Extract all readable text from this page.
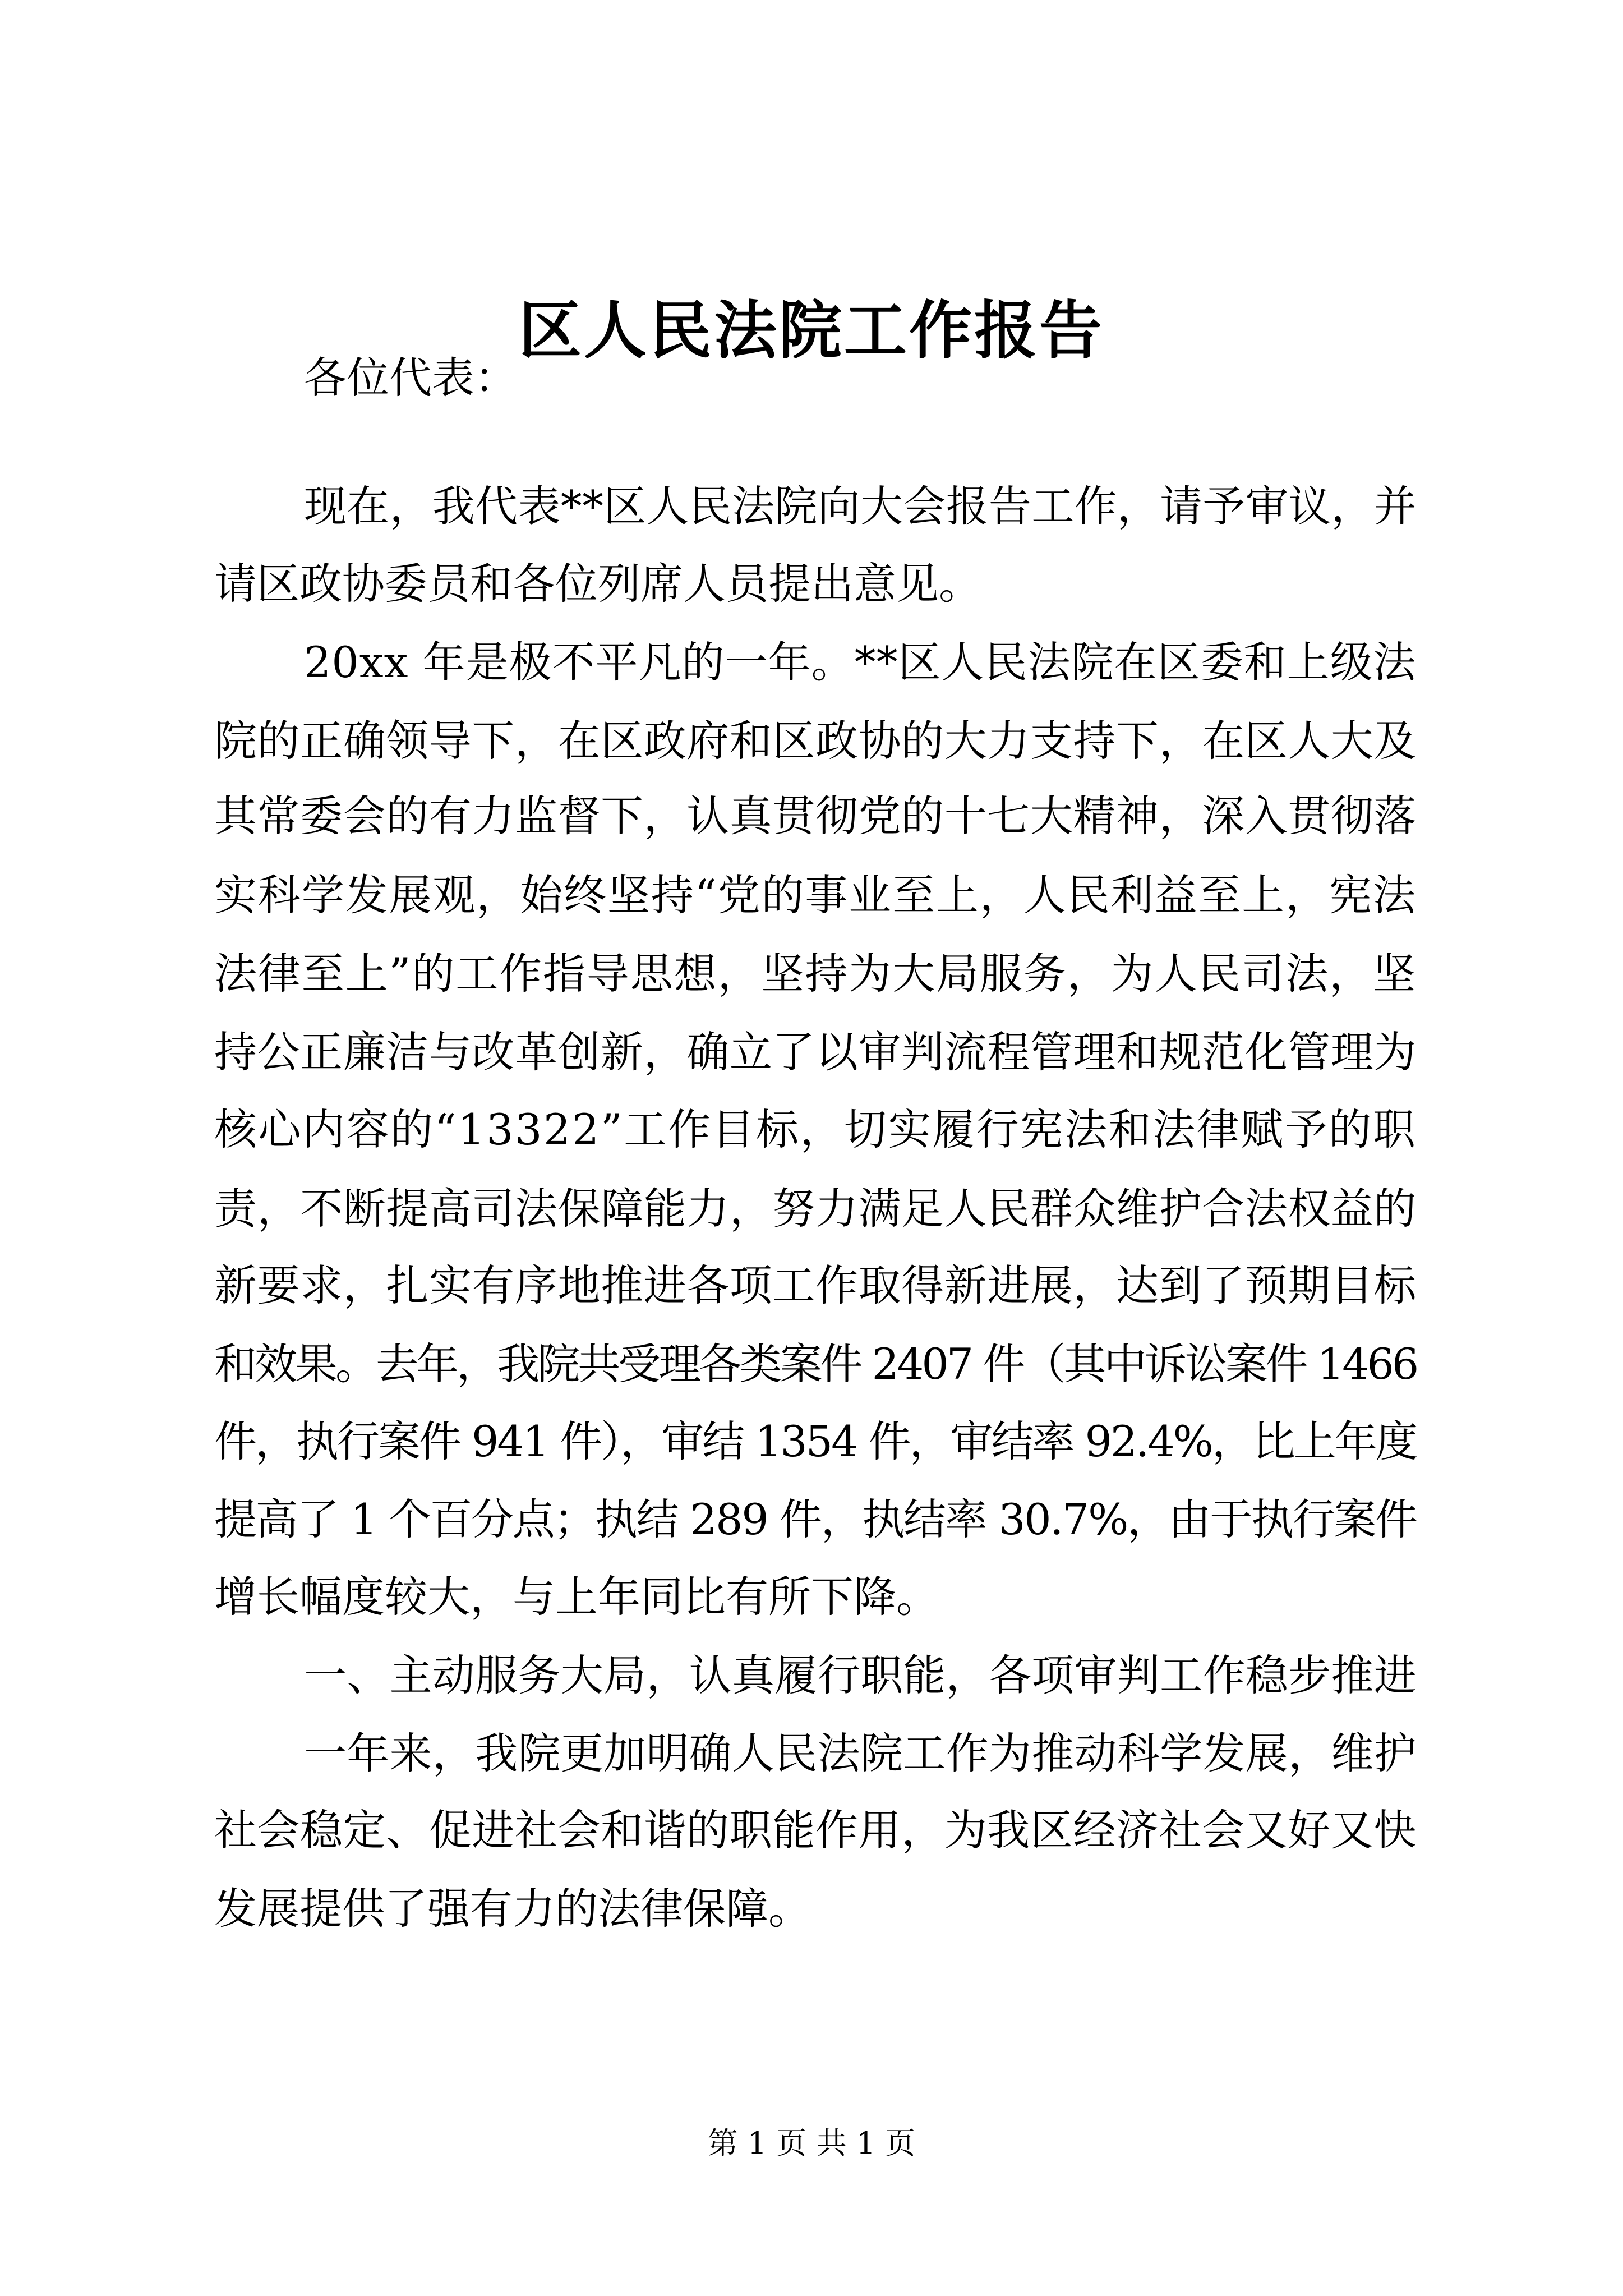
区人民法院工作报告
各位代表：
现在，我代表**区人民法院向大会报告工作，请予审议，并
请区政协委员和各位列席人员提出意见。
20xx 年是极不平凡的一年。**区人民法院在区委和上级法
院的正确领导下，在区政府和区政协的大力支持下，在区人大及
其常委会的有力监督下，认真贯彻党的十七大精神，深入贯彻落
实科学发展观，始终坚持“党的事业至上，人民利益至上，宪法
法律至上”的工作指导思想，坚持为大局服务，为人民司法，坚
持公正廉洁与改革创新，确立了以审判流程管理和规范化管理为
核心内容的“13322”工作目标，切实履行宪法和法律赋予的职
责，不断提高司法保障能力，努力满足人民群众维护合法权益的
新要求，扎实有序地推进各项工作取得新进展，达到了预期目标
和效果。去年，我院共受理各类案件 2407 件（其中诉讼案件 1466
件，执行案件 941 件），审结 1354 件，审结率 92.4%，比上年度
提高了 1 个百分点；执结 289 件，执结率 30.7%，由于执行案件
增长幅度较大，与上年同比有所下降。
一、主动服务大局，认真履行职能，各项审判工作稳步推进
一年来，我院更加明确人民法院工作为推动科学发展，维护
社会稳定、促进社会和谐的职能作用，为我区经济社会又好又快
发展提供了强有力的法律保障。
第 1 页 共 1 页
